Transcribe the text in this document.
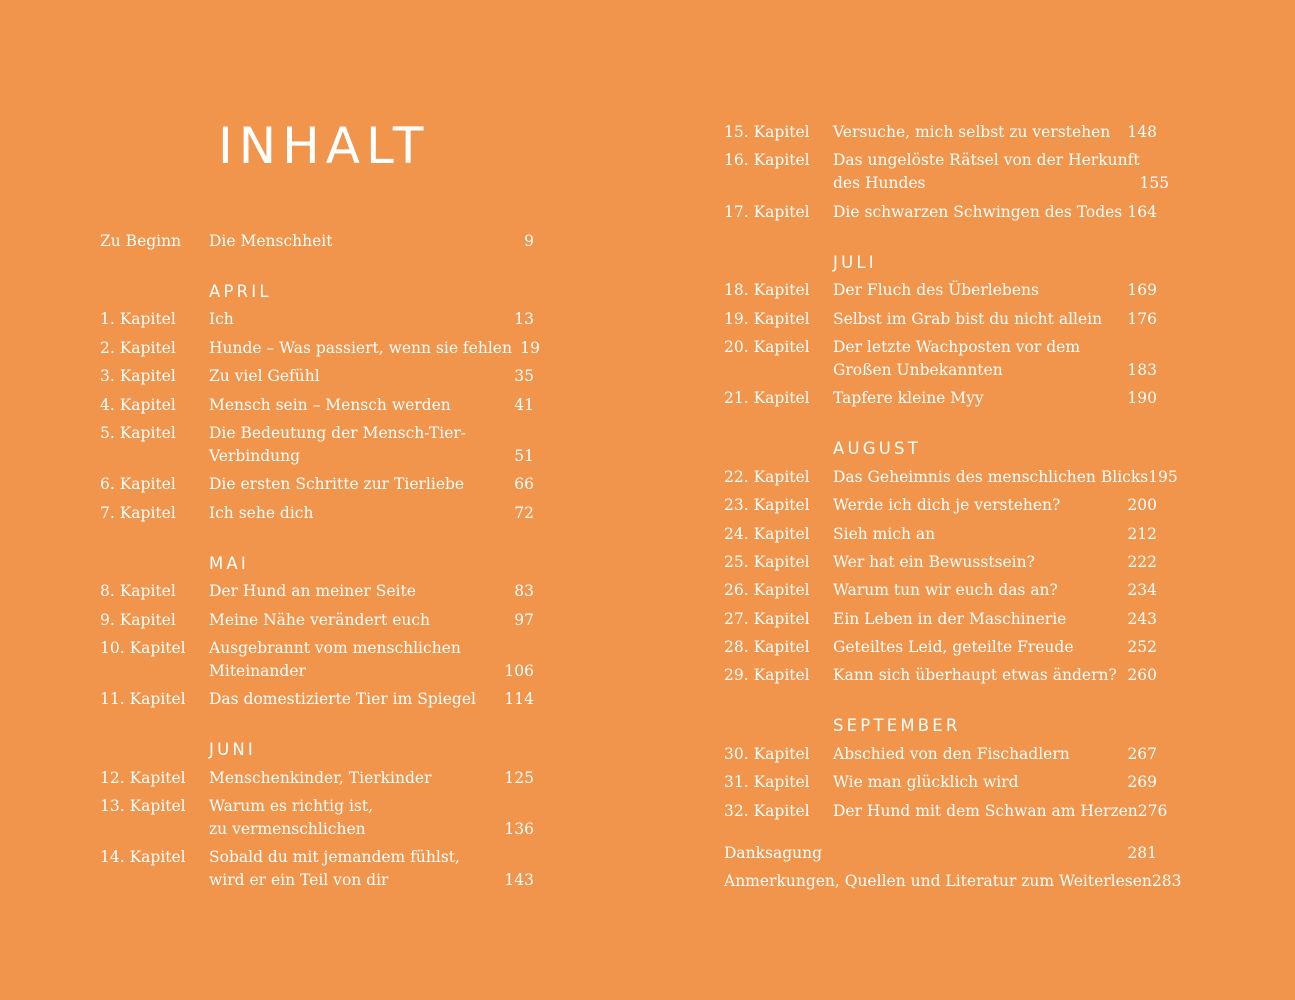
INHALT
Zu Beginn	Die Menschheit	9
APRIL
1. Kapitel	Ich	13
2. Kapitel	Hunde – Was passiert, wenn sie fehlen 19
3. Kapitel	Zu viel Gefühl	35
4. Kapitel	Mensch sein – Mensch werden	41
5. Kapitel	Die Bedeutung der Mensch-Tier-
Verbindung	51
6. Kapitel	Die ersten Schritte zur Tierliebe	66
7. Kapitel	Ich sehe dich	72
MAI
8. Kapitel	Der Hund an meiner Seite	83
9. Kapitel	Meine Nähe verändert euch	97
10. Kapitel	Ausgebrannt vom menschlichen
Miteinander	106
11. Kapitel	Das domestizierte Tier im Spiegel	114
JUNI
12. Kapitel	Menschenkinder, Tierkinder	125
13. Kapitel	Warum es richtig ist,
zu vermenschlichen	136
14. Kapitel	Sobald du mit jemandem fühlst,
wird er ein Teil von dir	143
15. Kapitel	Versuche, mich selbst zu verstehen	148
16. Kapitel	Das ungelöste Rätsel von der Herkunft
des Hundes	155
17. Kapitel	Die schwarzen Schwingen des Todes 164
JULI
18. Kapitel	Der Fluch des Überlebens	169
19. Kapitel	Selbst im Grab bist du nicht allein	176
20. Kapitel	Der letzte Wachposten vor dem
Großen Unbekannten	183
21. Kapitel	Tapfere kleine Myy	190
AUGUST
22. Kapitel	Das Geheimnis des menschlichen Blicks 195
23. Kapitel	Werde ich dich je verstehen?	200
24. Kapitel	Sieh mich an	212
25. Kapitel	Wer hat ein Bewusstsein?	222
26. Kapitel	Warum tun wir euch das an?	234
27. Kapitel	Ein Leben in der Maschinerie	243
28. Kapitel	Geteiltes Leid, geteilte Freude	252
29. Kapitel	Kann sich überhaupt etwas ändern? 260
SEPTEMBER
30. Kapitel	Abschied von den Fischadlern	267
31. Kapitel	Wie man glücklich wird	269
32. Kapitel	Der Hund mit dem Schwan am Herzen 276
Danksagung	281
Anmerkungen, Quellen und Literatur zum Weiterlesen 283
